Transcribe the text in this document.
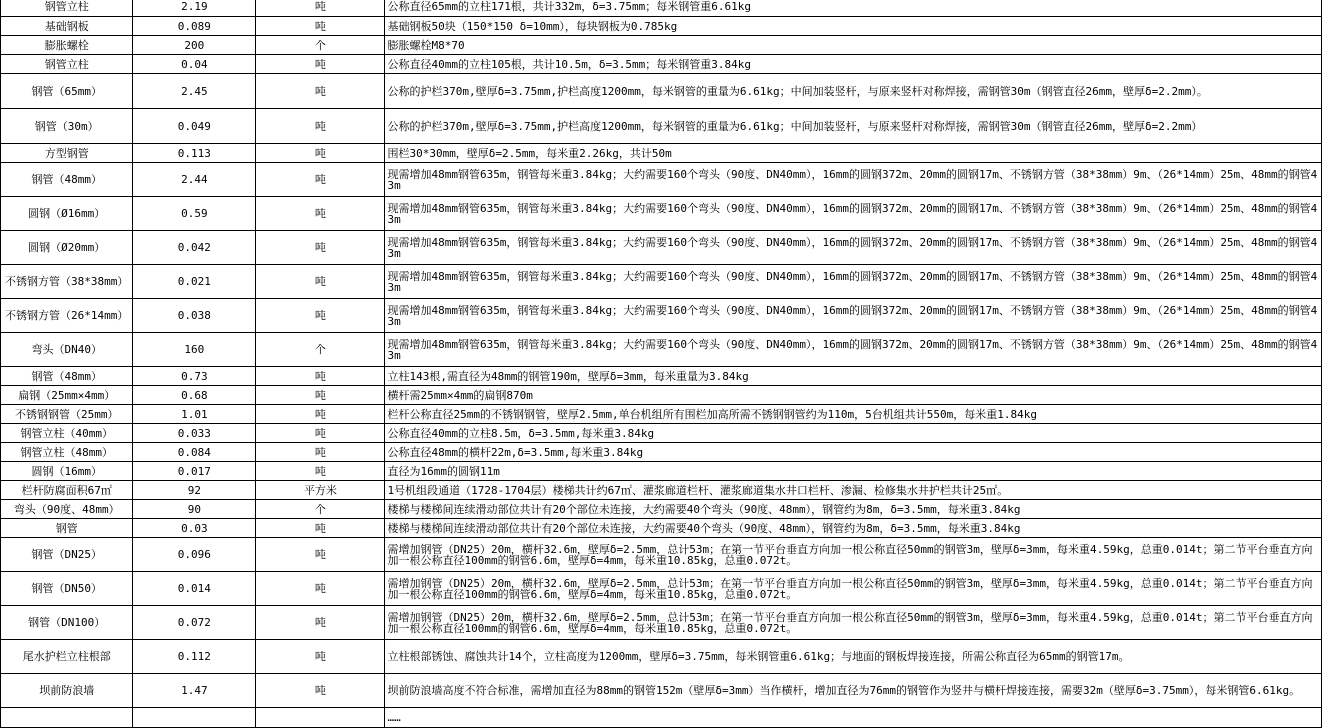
钢管立柱	2.19	吨	公称直径65mm的立柱171根，共计332m，δ=3.75mm；每米钢管重6.61kg
基础钢板	0.089	吨	基础钢板50块（150*150 δ=10mm），每块钢板为0.785kg
膨胀螺栓	200	个	膨胀螺栓M8*70
钢管立柱	0.04	吨	公称直径40mm的立柱105根，共计10.5m，δ=3.5mm；每米钢管重3.84kg
钢管（65mm）	2.45	吨	公称的护栏370m,壁厚δ=3.75mm,护栏高度1200mm，每米钢管的重量为6.61kg；中间加装竖杆，与原来竖杆对称焊接，需钢管30m（钢管直径26mm，壁厚δ=2.2mm）。
钢管（30m）	0.049	吨	公称的护栏370m,壁厚δ=3.75mm,护栏高度1200mm，每米钢管的重量为6.61kg；中间加装竖杆，与原来竖杆对称焊接，需钢管30m（钢管直径26mm，壁厚δ=2.2mm）
方型钢管	0.113	吨	围栏30*30mm，壁厚δ=2.5mm，每米重2.26kg，共计50m
钢管（48mm）	2.44	吨	现需增加48mm钢管635m，钢管每米重3.84kg；大约需要160个弯头（90度、DN40mm），16mm的圆钢372m、20mm的圆钢17m、不锈钢方管（38*38mm）9m、（26*14mm）25m、48mm的钢管43m
圆钢（Ø16mm）	0.59	吨	现需增加48mm钢管635m，钢管每米重3.84kg；大约需要160个弯头（90度、DN40mm），16mm的圆钢372m、20mm的圆钢17m、不锈钢方管（38*38mm）9m、（26*14mm）25m、48mm的钢管43m
圆钢（Ø20mm）	0.042	吨	现需增加48mm钢管635m，钢管每米重3.84kg；大约需要160个弯头（90度、DN40mm），16mm的圆钢372m、20mm的圆钢17m、不锈钢方管（38*38mm）9m、（26*14mm）25m、48mm的钢管43m
不锈钢方管（38*38mm）	0.021	吨	现需增加48mm钢管635m，钢管每米重3.84kg；大约需要160个弯头（90度、DN40mm），16mm的圆钢372m、20mm的圆钢17m、不锈钢方管（38*38mm）9m、（26*14mm）25m、48mm的钢管43m
不锈钢方管（26*14mm）	0.038	吨	现需增加48mm钢管635m，钢管每米重3.84kg；大约需要160个弯头（90度、DN40mm），16mm的圆钢372m、20mm的圆钢17m、不锈钢方管（38*38mm）9m、（26*14mm）25m、48mm的钢管43m
弯头（DN40）	160	个	现需增加48mm钢管635m，钢管每米重3.84kg；大约需要160个弯头（90度、DN40mm），16mm的圆钢372m、20mm的圆钢17m、不锈钢方管（38*38mm）9m、（26*14mm）25m、48mm的钢管43m
钢管（48mm）	0.73	吨	立柱143根,需直径为48mm的钢管190m，壁厚δ=3mm，每米重量为3.84kg
扁钢（25mm×4mm）	0.68	吨	横杆需25mm×4mm的扁钢870m
不锈钢钢管（25mm）	1.01	吨	栏杆公称直径25mm的不锈钢钢管，壁厚2.5mm,单台机组所有围栏加高所需不锈钢钢管约为110m，5台机组共计550m，每米重1.84kg
钢管立柱（40mm）	0.033	吨	公称直径40mm的立柱8.5m，δ=3.5mm,每米重3.84kg
钢管立柱（48mm）	0.084	吨	公称直径48mm的横杆22m,δ=3.5mm,每米重3.84kg
圆钢（16mm）	0.017	吨	直径为16mm的圆钢11m
栏杆防腐面积67㎡	92	平方米	1号机组段通道（1728-1704层）楼梯共计约67㎡、灌浆廊道栏杆、灌浆廊道集水井口栏杆、渗漏、检修集水井护栏共计25㎡。
弯头（90度、48mm）	90	个	楼梯与楼梯间连续滑动部位共计有20个部位未连接，大约需要40个弯头（90度、48mm），钢管约为8m，δ=3.5mm，每米重3.84kg
钢管	0.03	吨	楼梯与楼梯间连续滑动部位共计有20个部位未连接，大约需要40个弯头（90度、48mm），钢管约为8m，δ=3.5mm，每米重3.84kg
钢管（DN25）	0.096	吨	需增加钢管（DN25）20m，横杆32.6m，壁厚δ=2.5mm，总计53m；在第一节平台垂直方向加一根公称直径50mm的钢管3m，壁厚δ=3mm，每米重4.59kg，总重0.014t；第二节平台垂直方向加一根公称直径100mm的钢管6.6m，壁厚δ=4mm，每米重10.85kg，总重0.072t。
钢管（DN50）	0.014	吨	需增加钢管（DN25）20m，横杆32.6m，壁厚δ=2.5mm，总计53m；在第一节平台垂直方向加一根公称直径50mm的钢管3m，壁厚δ=3mm，每米重4.59kg，总重0.014t；第二节平台垂直方向加一根公称直径100mm的钢管6.6m，壁厚δ=4mm，每米重10.85kg，总重0.072t。
钢管（DN100）	0.072	吨	需增加钢管（DN25）20m，横杆32.6m，壁厚δ=2.5mm，总计53m；在第一节平台垂直方向加一根公称直径50mm的钢管3m，壁厚δ=3mm，每米重4.59kg，总重0.014t；第二节平台垂直方向加一根公称直径100mm的钢管6.6m，壁厚δ=4mm，每米重10.85kg，总重0.072t。
尾水护栏立柱根部	0.112	吨	立柱根部锈蚀、腐蚀共计14个，立柱高度为1200mm，壁厚δ=3.75mm，每米钢管重6.61kg；与地面的钢板焊接连接，所需公称直径为65mm的钢管17m。
坝前防浪墙	1.47	吨	坝前防浪墙高度不符合标准，需增加直径为88mm的钢管152m（壁厚δ=3mm）当作横杆，增加直径为76mm的钢管作为竖井与横杆焊接连接，需要32m（壁厚δ=3.75mm），每米钢管6.61kg。
			……
